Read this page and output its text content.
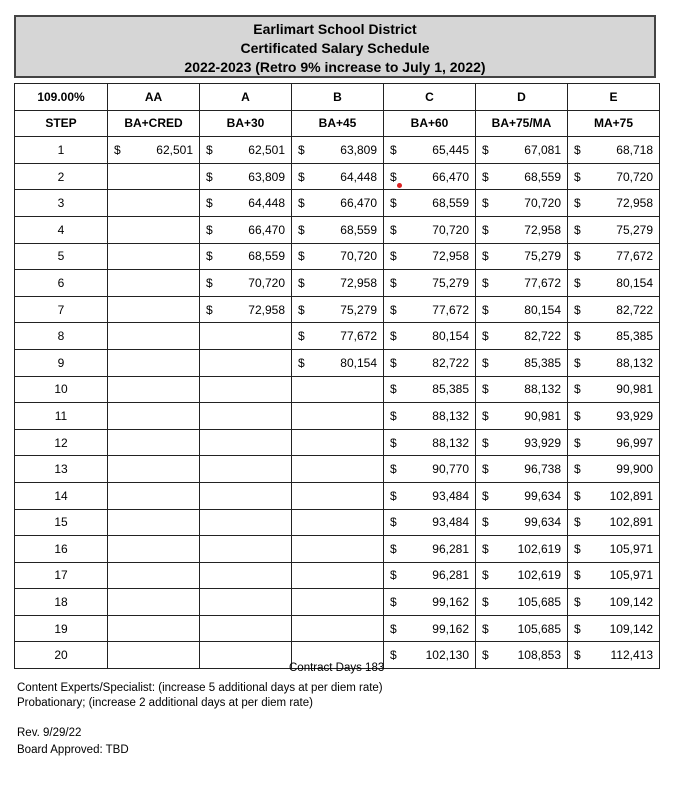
Earlimart School District
Certificated Salary Schedule
2022-2023 (Retro 9% increase to July 1, 2022)
109.00%	AA	A	B	C	D	E
STEP	BA+CRED	BA+30	BA+45	BA+60	BA+75/MA	MA+75
1	$ 62,501	$ 62,501	$ 63,809	$ 65,445	$ 67,081	$ 68,718

2		$ 63,809	$ 64,448	$ 66,470	$ 68,559	$ 70,720

3		$ 64,448	$ 66,470	$ 68,559	$ 70,720	$ 72,958

4		$ 66,470	$ 68,559	$ 70,720	$ 72,958	$ 75,279

5		$ 68,559	$ 70,720	$ 72,958	$ 75,279	$ 77,672

6		$ 70,720	$ 72,958	$ 75,279	$ 77,672	$ 80,154

7		$ 72,958	$ 75,279	$ 77,672	$ 80,154	$ 82,722

8			$ 77,672	$ 80,154	$ 82,722	$ 85,385

9			$ 80,154	$ 82,722	$ 85,385	$ 88,132

10				$ 85,385	$ 88,132	$ 90,981

11				$ 88,132	$ 90,981	$ 93,929

12				$ 88,132	$ 93,929	$ 96,997

13				$ 90,770	$ 96,738	$ 99,900

14				$ 93,484	$ 99,634	$ 102,891

15				$ 93,484	$ 99,634	$ 102,891

16				$ 96,281	$ 102,619	$ 105,971

17				$ 96,281	$ 102,619	$ 105,971

18				$ 99,162	$ 105,685	$ 109,142

19				$ 99,162	$ 105,685	$ 109,142

20				$ 102,130	$ 108,853	$ 112,413
Contract Days 183
Content Experts/Specialist: (increase 5 additional days at per diem rate)
Probationary; (increase 2 additional days at per diem rate)
Rev. 9/29/22
Board Approved: TBD
